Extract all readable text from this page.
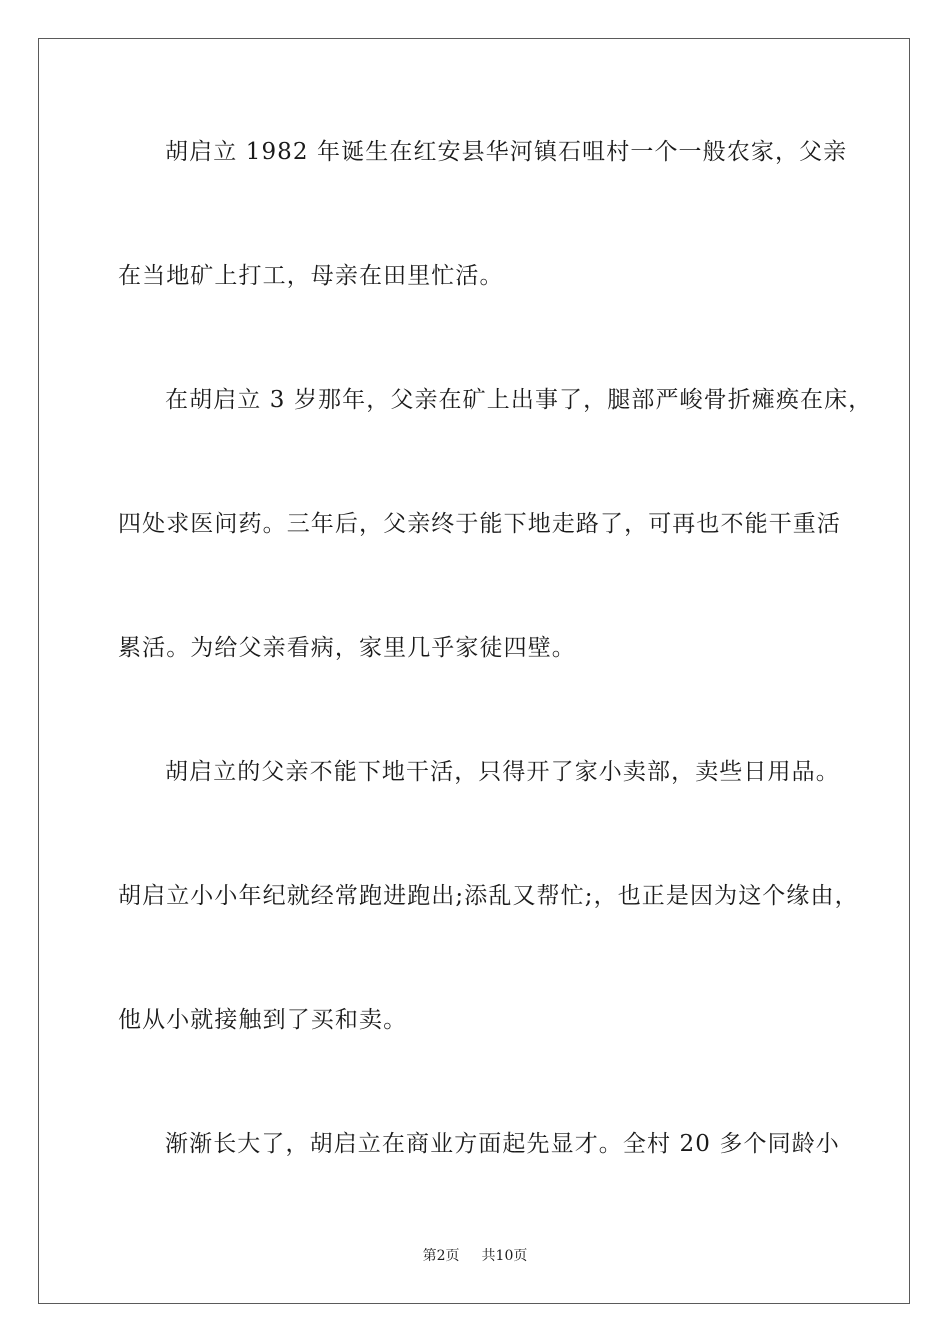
胡启立 1982 年诞生在红安县华河镇石咀村一个一般农家，父亲
在当地矿上打工，母亲在田里忙活。
在胡启立 3 岁那年，父亲在矿上出事了，腿部严峻骨折瘫痪在床，
四处求医问药。三年后，父亲终于能下地走路了，可再也不能干重活
累活。为给父亲看病，家里几乎家徒四壁。
胡启立的父亲不能下地干活，只得开了家小卖部，卖些日用品。
胡启立小小年纪就经常跑进跑出;添乱又帮忙;，也正是因为这个缘由，
他从小就接触到了买和卖。
渐渐长大了，胡启立在商业方面起先显才。全村 20 多个同龄小
第2页 共10页
